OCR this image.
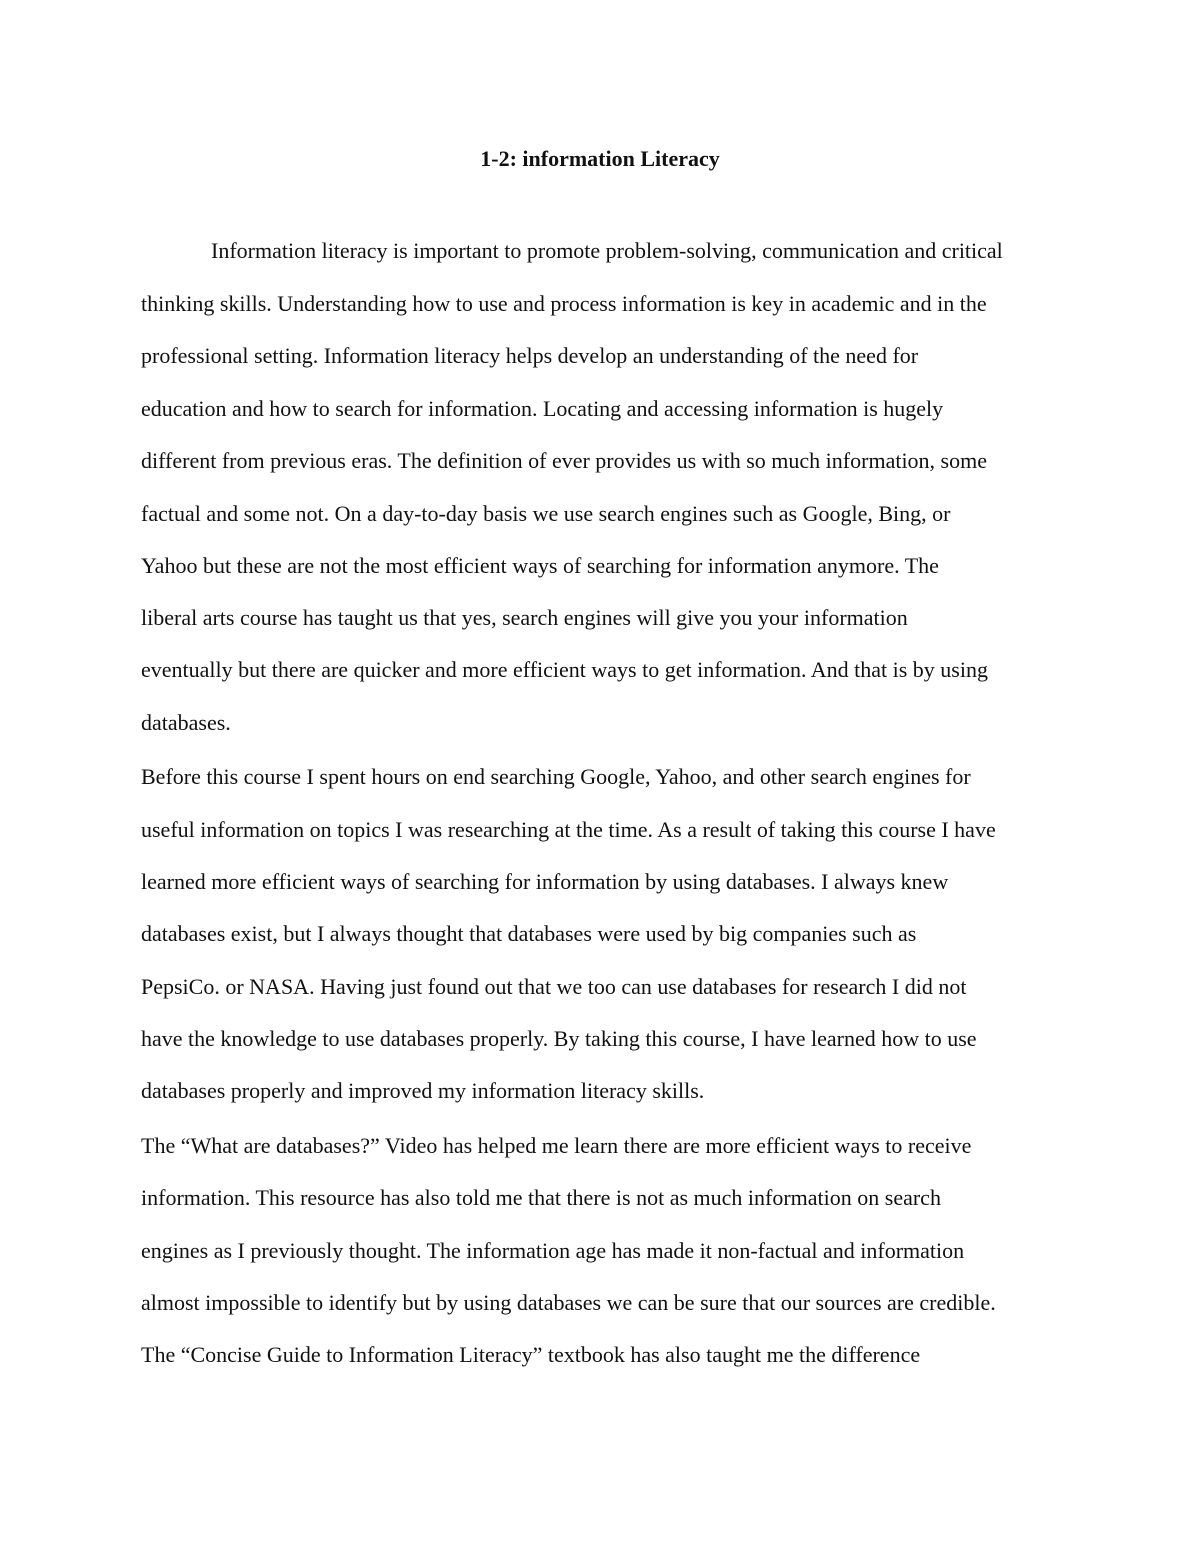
1-2: information Literacy

Information literacy is important to promote problem-solving, communication and critical

thinking skills. Understanding how to use and process information is key in academic and in the

professional setting. Information literacy helps develop an understanding of the need for

education and how to search for information. Locating and accessing information is hugely

different from previous eras. The definition of ever provides us with so much information, some

factual and some not. On a day-to-day basis we use search engines such as Google, Bing, or

Yahoo but these are not the most efficient ways of searching for information anymore. The

liberal arts course has taught us that yes, search engines will give you your information

eventually but there are quicker and more efficient ways to get information. And that is by using

databases.

Before this course I spent hours on end searching Google, Yahoo, and other search engines for

useful information on topics I was researching at the time. As a result of taking this course I have

learned more efficient ways of searching for information by using databases. I always knew

databases exist, but I always thought that databases were used by big companies such as

PepsiCo. or NASA. Having just found out that we too can use databases for research I did not

have the knowledge to use databases properly. By taking this course, I have learned how to use

databases properly and improved my information literacy skills.

The “What are databases?” Video has helped me learn there are more efficient ways to receive

information. This resource has also told me that there is not as much information on search

engines as I previously thought. The information age has made it non-factual and information

almost impossible to identify but by using databases we can be sure that our sources are credible.

The “Concise Guide to Information Literacy” textbook has also taught me the difference
